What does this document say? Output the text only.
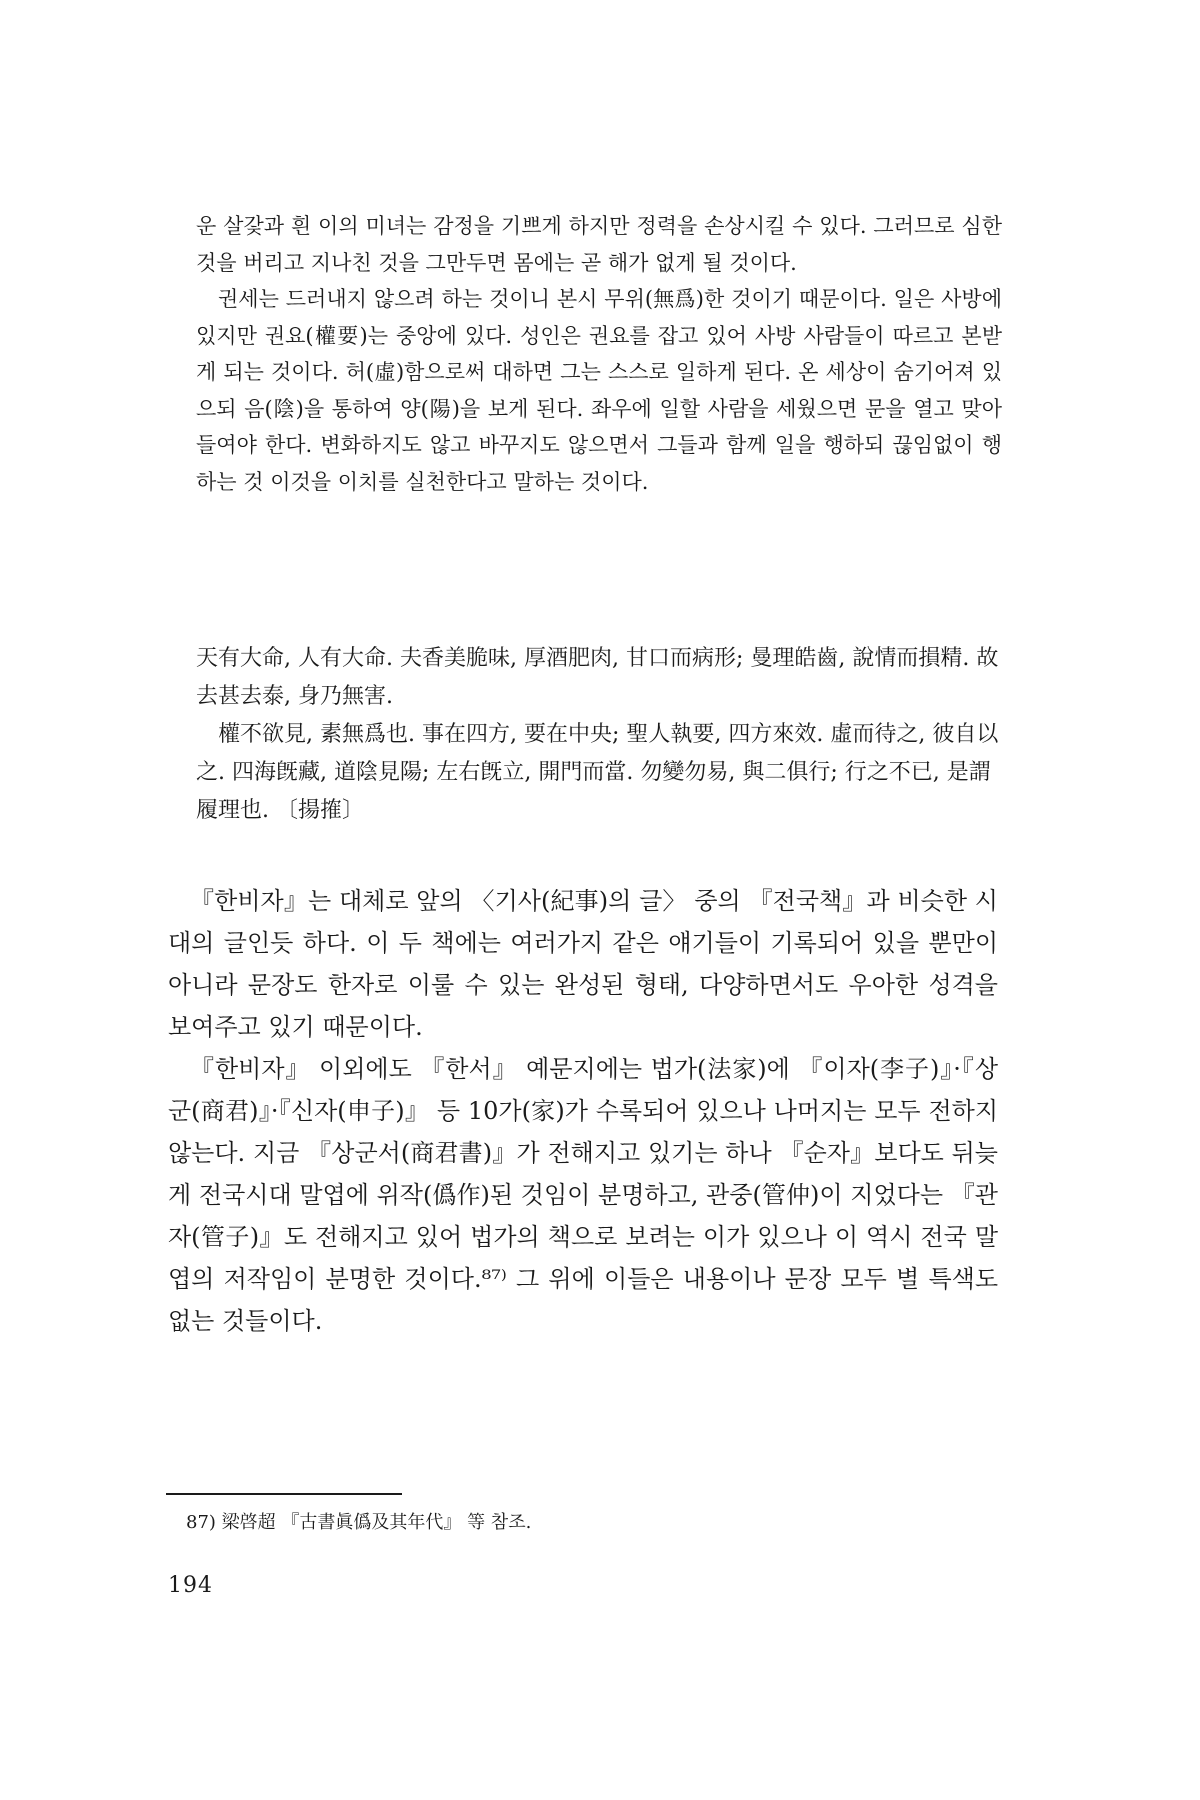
운 살갗과 흰 이의 미녀는 감정을 기쁘게 하지만 정력을 손상시킬 수 있다. 그러므로 심한 것을 버리고 지나친 것을 그만두면 몸에는 곧 해가 없게 될 것이다.

권세는 드러내지 않으려 하는 것이니 본시 무위(無爲)한 것이기 때문이다. 일은 사방에 있지만 권요(權要)는 중앙에 있다. 성인은 권요를 잡고 있어 사방 사람들이 따르고 본받게 되는 것이다. 허(虛)함으로써 대하면 그는 스스로 일하게 된다. 온 세상이 숨기어져 있으되 음(陰)을 통하여 양(陽)을 보게 된다. 좌우에 일할 사람을 세웠으면 문을 열고 맞아들여야 한다. 변화하지도 않고 바꾸지도 않으면서 그들과 함께 일을 행하되 끊임없이 행하는 것 이것을 이치를 실천한다고 말하는 것이다.

天有大命, 人有大命. 夫香美脆味, 厚酒肥肉, 甘口而病形; 曼理皓齒, 說情而損精. 故去甚去泰, 身乃無害.

權不欲見, 素無爲也. 事在四方, 要在中央; 聖人執要, 四方來效. 虛而待之, 彼自以之. 四海旣藏, 道陰見陽; 左右旣立, 開門而當. 勿變勿易, 與二俱行; 行之不已, 是謂履理也. 〔揚搉〕

『한비자』는 대체로 앞의 〈기사(紀事)의 글〉 중의 『전국책』과 비슷한 시대의 글인듯 하다. 이 두 책에는 여러가지 같은 얘기들이 기록되어 있을 뿐만이 아니라 문장도 한자로 이룰 수 있는 완성된 형태, 다양하면서도 우아한 성격을 보여주고 있기 때문이다.

『한비자』 이외에도 『한서』 예문지에는 법가(法家)에 『이자(李子)』·『상군(商君)』·『신자(申子)』 등 10가(家)가 수록되어 있으나 나머지는 모두 전하지 않는다. 지금 『상군서(商君書)』가 전해지고 있기는 하나 『순자』보다도 뒤늦게 전국시대 말엽에 위작(僞作)된 것임이 분명하고, 관중(管仲)이 지었다는 『관자(管子)』도 전해지고 있어 법가의 책으로 보려는 이가 있으나 이 역시 전국 말엽의 저작임이 분명한 것이다.⁸⁷⁾ 그 위에 이들은 내용이나 문장 모두 별 특색도 없는 것들이다.

87) 梁啓超 『古書眞僞及其年代』 等 참조.
194
